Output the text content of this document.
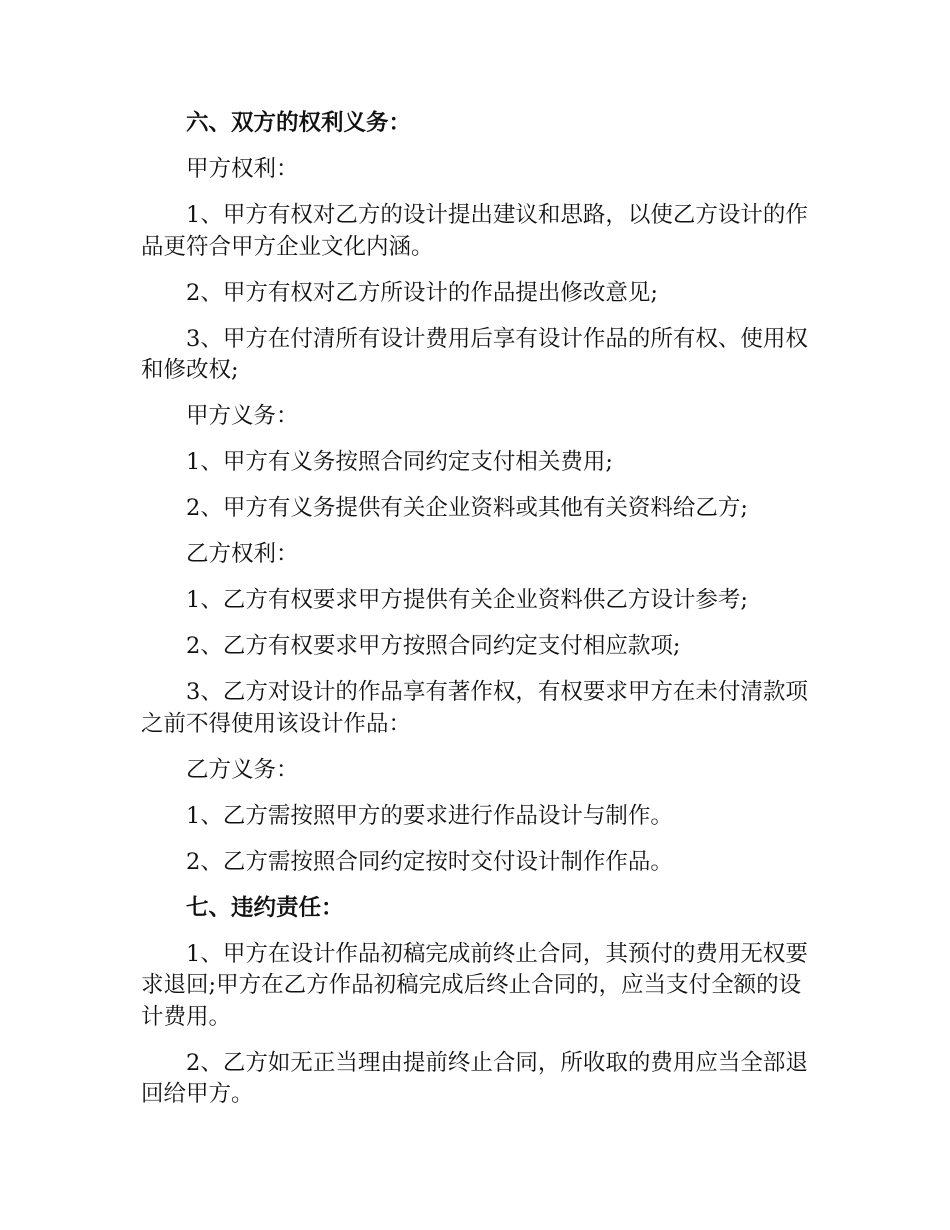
六、双方的权利义务：

甲方权利：

1、甲方有权对乙方的设计提出建议和思路，以使乙方设计的作品更符合甲方企业文化内涵。

2、甲方有权对乙方所设计的作品提出修改意见;

3、甲方在付清所有设计费用后享有设计作品的所有权、使用权和修改权;

甲方义务：

1、甲方有义务按照合同约定支付相关费用;

2、甲方有义务提供有关企业资料或其他有关资料给乙方;

乙方权利：

1、乙方有权要求甲方提供有关企业资料供乙方设计参考;

2、乙方有权要求甲方按照合同约定支付相应款项;

3、乙方对设计的作品享有著作权，有权要求甲方在未付清款项之前不得使用该设计作品：

乙方义务：

1、乙方需按照甲方的要求进行作品设计与制作。

2、乙方需按照合同约定按时交付设计制作作品。

七、违约责任：

1、甲方在设计作品初稿完成前终止合同，其预付的费用无权要求退回;甲方在乙方作品初稿完成后终止合同的，应当支付全额的设计费用。

2、乙方如无正当理由提前终止合同，所收取的费用应当全部退回给甲方。
